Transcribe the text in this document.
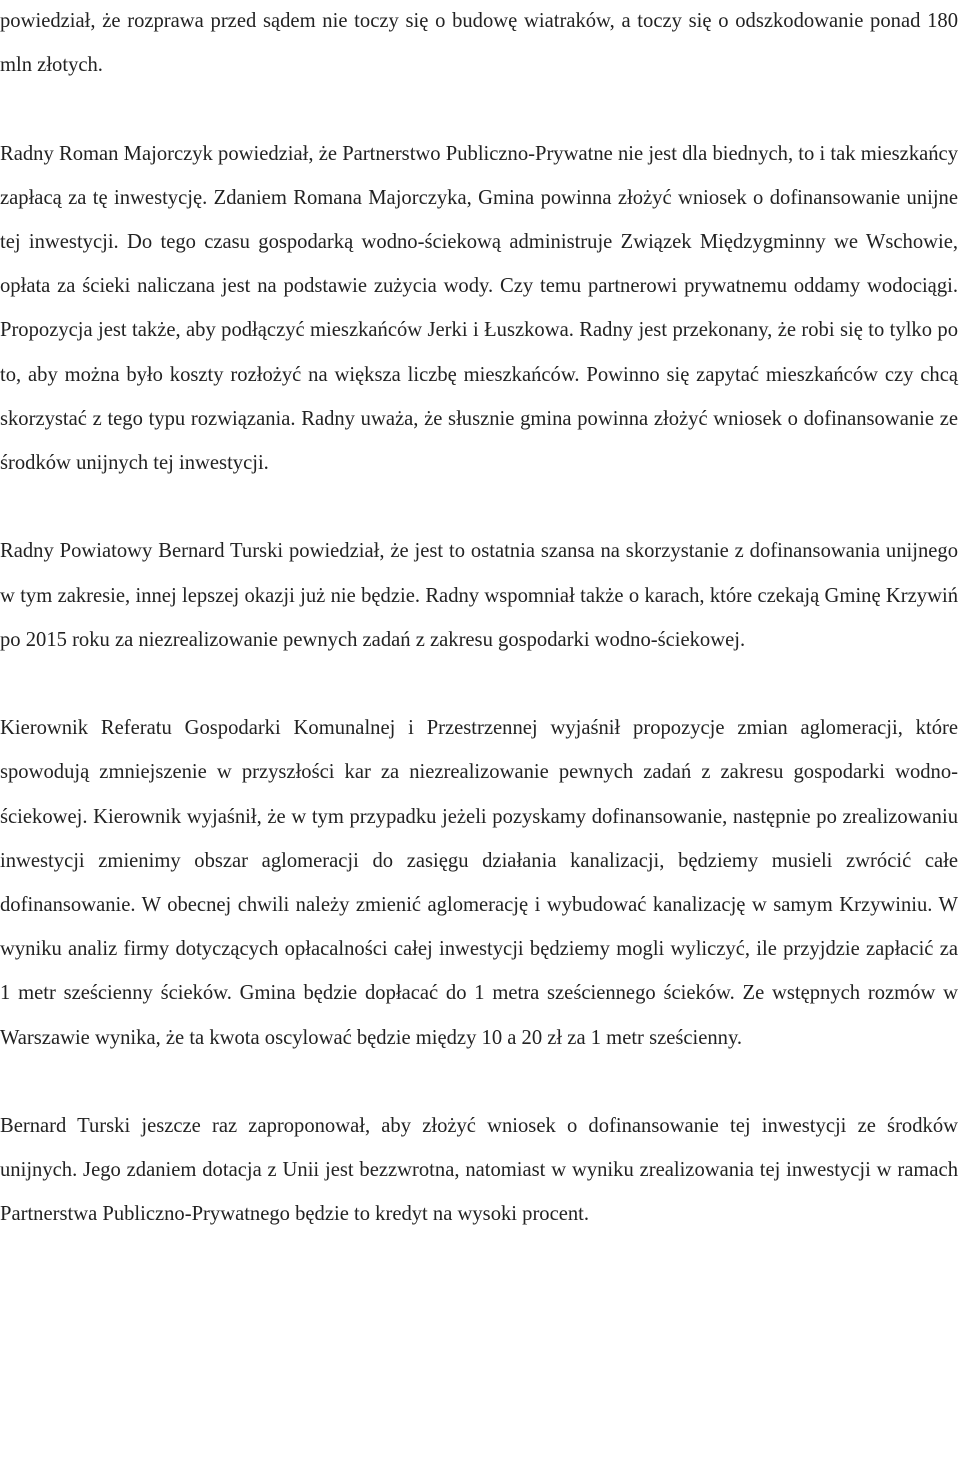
powiedział, że rozprawa przed sądem nie toczy się o budowę wiatraków, a toczy się o odszkodowanie ponad 180 mln złotych.

Radny Roman Majorczyk powiedział, że Partnerstwo Publiczno-Prywatne nie jest dla biednych, to i tak mieszkańcy zapłacą za tę inwestycję. Zdaniem Romana Majorczyka, Gmina powinna złożyć wniosek o dofinansowanie unijne tej inwestycji. Do tego czasu gospodarką wodno-ściekową administruje Związek Międzygminny we Wschowie, opłata za ścieki naliczana jest na podstawie zużycia wody. Czy temu partnerowi prywatnemu oddamy wodociągi. Propozycja jest także, aby podłączyć mieszkańców Jerki i Łuszkowa. Radny jest przekonany, że robi się to tylko po to, aby można było koszty rozłożyć na większa liczbę mieszkańców. Powinno się zapytać mieszkańców czy chcą skorzystać z tego typu rozwiązania. Radny uważa, że słusznie gmina powinna złożyć wniosek o dofinansowanie ze środków unijnych tej inwestycji.

Radny Powiatowy Bernard Turski powiedział, że jest to ostatnia szansa na skorzystanie z dofinansowania unijnego w tym zakresie, innej lepszej okazji już nie będzie. Radny wspomniał także o karach, które czekają Gminę Krzywiń po 2015 roku za niezrealizowanie pewnych zadań z zakresu gospodarki wodno-ściekowej.

Kierownik Referatu Gospodarki Komunalnej i Przestrzennej wyjaśnił propozycje zmian aglomeracji, które spowodują zmniejszenie w przyszłości kar za niezrealizowanie pewnych zadań z zakresu gospodarki wodno-ściekowej. Kierownik wyjaśnił, że w tym przypadku jeżeli pozyskamy dofinansowanie, następnie po zrealizowaniu inwestycji zmienimy obszar aglomeracji do zasięgu działania kanalizacji, będziemy musieli zwrócić całe dofinansowanie. W obecnej chwili należy zmienić aglomerację i wybudować kanalizację w samym Krzywiniu. W wyniku analiz firmy dotyczących opłacalności całej inwestycji będziemy mogli wyliczyć, ile przyjdzie zapłacić za 1 metr sześcienny ścieków. Gmina będzie dopłacać do 1 metra sześciennego ścieków. Ze wstępnych rozmów w Warszawie wynika, że ta kwota oscylować będzie między 10 a 20 zł za 1 metr sześcienny.

Bernard Turski jeszcze raz zaproponował, aby złożyć wniosek o dofinansowanie tej inwestycji ze środków unijnych. Jego zdaniem dotacja z Unii jest bezzwrotna, natomiast w wyniku zrealizowania tej inwestycji w ramach Partnerstwa Publiczno-Prywatnego będzie to kredyt na wysoki procent.
